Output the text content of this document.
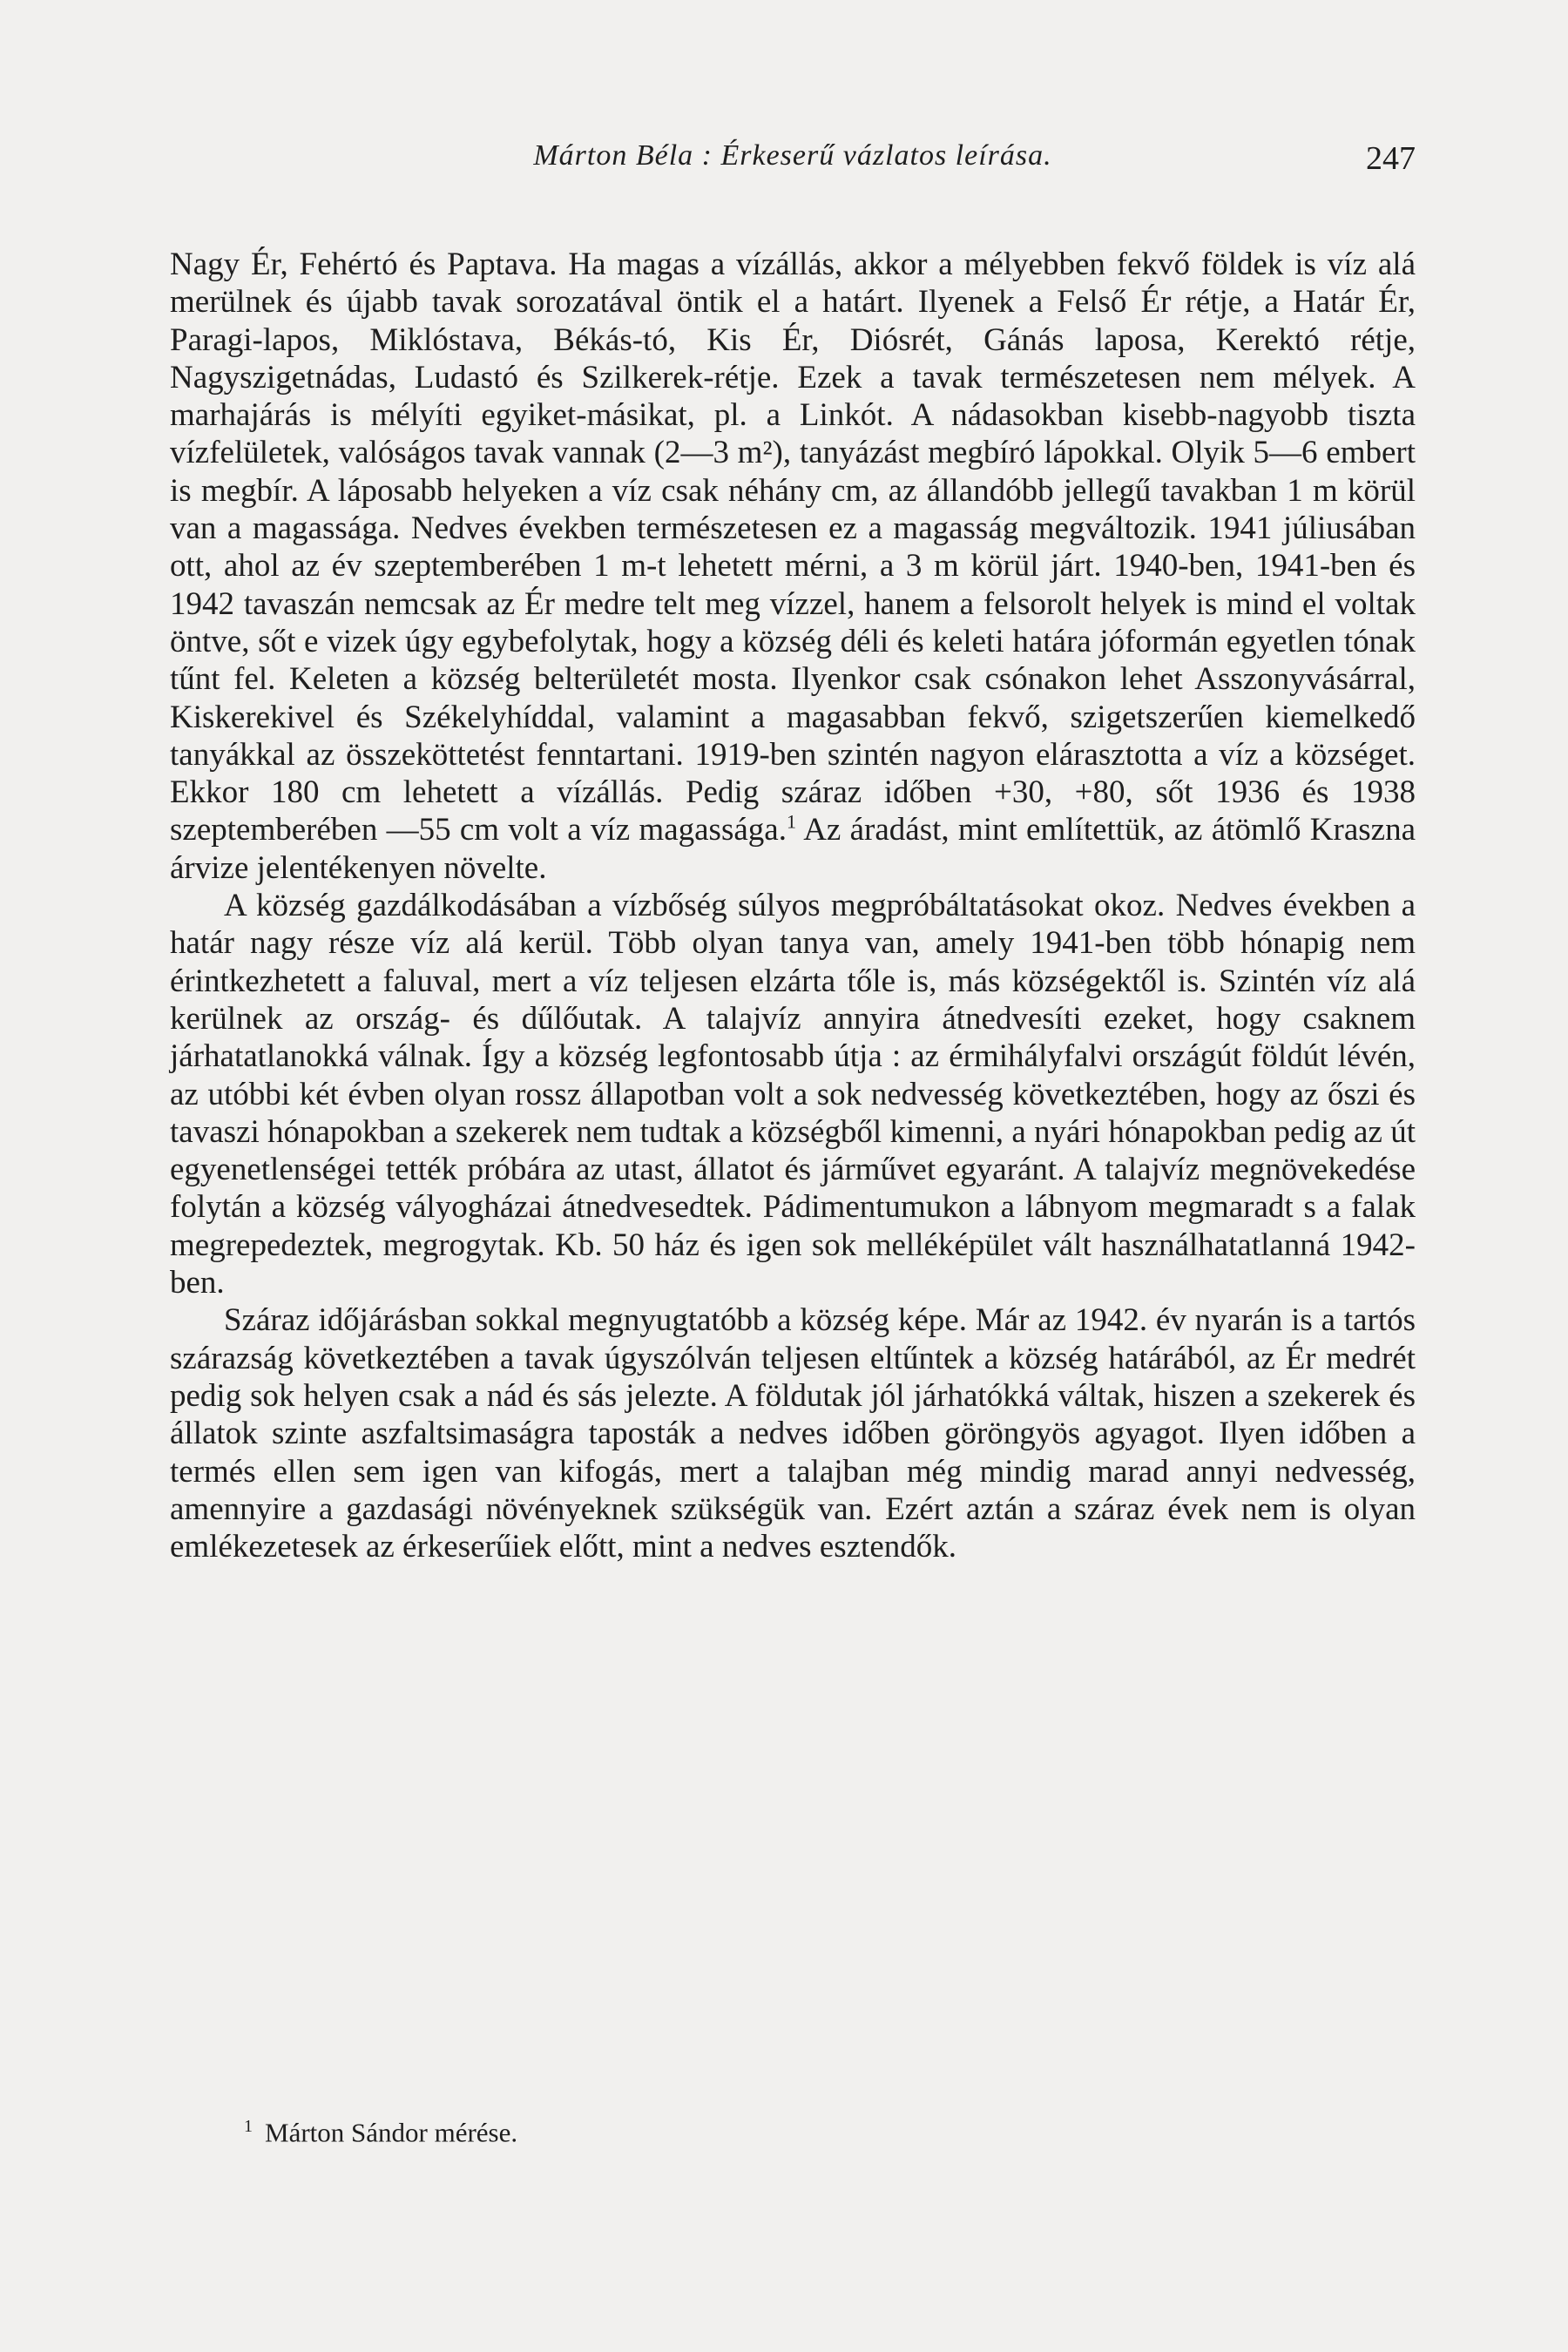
Márton Béla : Érkeserű vázlatos leírása.	247

Nagy Ér, Fehértó és Paptava. Ha magas a vízállás, akkor a mélyebben fekvő földek is víz alá merülnek és újabb tavak sorozatával öntik el a határt. Ilyenek a Felső Ér rétje, a Határ Ér, Paragi-lapos, Miklóstava, Békás-tó, Kis Ér, Diósrét, Gánás laposa, Kerektó rétje, Nagyszigetnádas, Ludastó és Szilkerek-rétje. Ezek a tavak természetesen nem mélyek. A marhajárás is mélyíti egyiket-másikat, pl. a Linkót. A nádasokban kisebb-nagyobb tiszta vízfelületek, valóságos tavak vannak (2—3 m²), tanyázást megbíró lápokkal. Olyik 5—6 embert is megbír. A láposabb helyeken a víz csak néhány cm, az állandóbb jellegű tavakban 1 m körül van a magassága. Nedves években természetesen ez a magasság megváltozik. 1941 júliusában ott, ahol az év szeptemberében 1 m-t lehetett mérni, a 3 m körül járt. 1940-ben, 1941-ben és 1942 tavaszán nemcsak az Ér medre telt meg vízzel, hanem a felsorolt helyek is mind el voltak öntve, sőt e vizek úgy egybefolytak, hogy a község déli és keleti határa jóformán egyetlen tónak tűnt fel. Keleten a község belterületét mosta. Ilyenkor csak csónakon lehet Asszonyvásárral, Kiskerekivel és Székelyhíddal, valamint a magasabban fekvő, szigetszerűen kiemelkedő tanyákkal az összeköttetést fenntartani. 1919-ben szintén nagyon elárasztotta a víz a községet. Ekkor 180 cm lehetett a vízállás. Pedig száraz időben +30, +80, sőt 1936 és 1938 szeptemberében —55 cm volt a víz magassága.$^1$ Az áradást, mint említettük, az átömlő Kraszna árvize jelentékenyen növelte.

A község gazdálkodásában a vízbőség súlyos megpróbáltatásokat okoz. Nedves években a határ nagy része víz alá kerül. Több olyan tanya van, amely 1941-ben több hónapig nem érintkezhetett a faluval, mert a víz teljesen elzárta tőle is, más községektől is. Szintén víz alá kerülnek az ország- és dűlőutak. A talajvíz annyira átnedvesíti ezeket, hogy csaknem járhatatlanokká válnak. Így a község legfontosabb útja : az érmihályfalvi országút földút lévén, az utóbbi két évben olyan rossz állapotban volt a sok nedvesség következtében, hogy az őszi és tavaszi hónapokban a szekerek nem tudtak a községből kimenni, a nyári hónapokban pedig az út egyenetlenségei tették próbára az utast, állatot és járművet egyaránt. A talajvíz megnövekedése folytán a község vályogházai átnedvesedtek. Pádimentumukon a lábnyom megmaradt s a falak megrepedeztek, megrogytak. Kb. 50 ház és igen sok melléképület vált használhatatlanná 1942-ben.

Száraz időjárásban sokkal megnyugtatóbb a község képe. Már az 1942. év nyarán is a tartós szárazság következtében a tavak úgyszólván teljesen eltűntek a község határából, az Ér medrét pedig sok helyen csak a nád és sás jelezte. A földutak jól járhatókká váltak, hiszen a szekerek és állatok szinte aszfaltsimaságra taposták a nedves időben göröngyös agyagot. Ilyen időben a termés ellen sem igen van kifogás, mert a talajban még mindig marad annyi nedvesség, amennyire a gazdasági növényeknek szükségük van. Ezért aztán a száraz évek nem is olyan emlékezetesek az érkeserűiek előtt, mint a nedves esztendők.

$^1$ Márton Sándor mérése.
